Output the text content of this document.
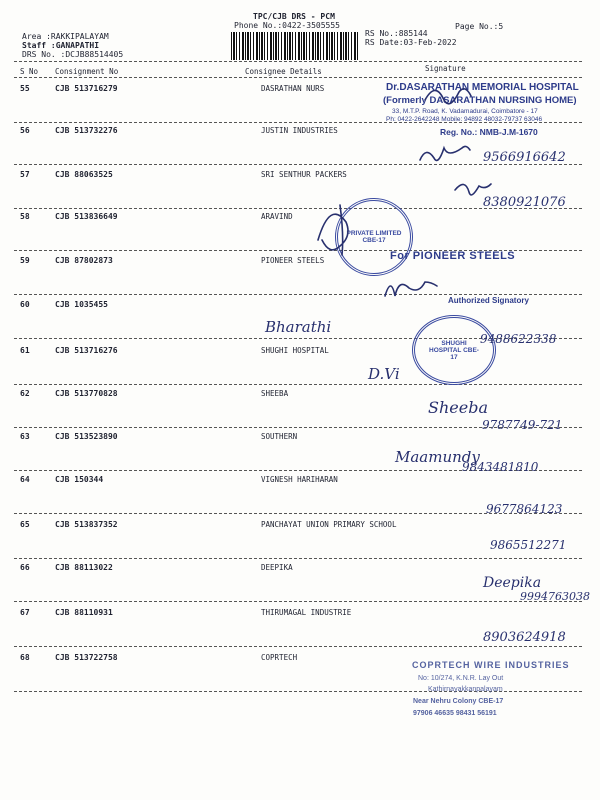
TPC/CJB DRS - PCM
Phone No.:0422-3505555
Area :RAKKIPALAYAM
Staff :GANAPATHI
DRS No. :DCJB88514405
RS No.:885144
RS Date:03-Feb-2022
Page No.:5
S No Consignment No	Consignee Details	Signature
55	CJB 513716279	DASRATHAN NURS
56	CJB 513732276	JUSTIN INDUSTRIES
57	CJB 88063525	SRI SENTHUR PACKERS
58	CJB 513836649	ARAVIND
59	CJB 87802873	PIONEER STEELS
60	CJB 1035455
61	CJB 513716276	SHUGHI HOSPITAL
62	CJB 513770828	SHEEBA
63	CJB 513523890	SOUTHERN
64	CJB 150344	VIGNESH HARIHARAN
65	CJB 513837352	PANCHAYAT UNION PRIMARY SCHOOL
66	CJB 88113022	DEEPIKA
67	CJB 88110931	THIRUMAGAL INDUSTRIE
68	CJB 513722758	COPRTECH
Dr.DASARATHAN MEMORIAL HOSPITAL
(Formerly DASARATHAN NURSING HOME)
33, M.T.P. Road, K. Vadamadurai, Coimbatore - 17
Ph: 0422-2642248 Mobile: 94892 48032-79737 63046
Reg. No.: NMB-J.M-1670
PRIVATE LIMITED CBE-17
For PIONEER STEELS
Authorized Signatory
SHUGHI HOSPITAL CBE-17
COPRTECH WIRE INDUSTRIES
No: 10/274, K.N.R. Lay Out
Kathirnayakkanpalayam
Near Nehru Colony CBE-17
97906 46635 98431 56191
9566916642
8380921076
Bharathi
9488622338
D.Vi
Sheeba
9787749-721
Maamundy
9843481810
9677864123
9865512271
Deepika
9994763038
8903624918
